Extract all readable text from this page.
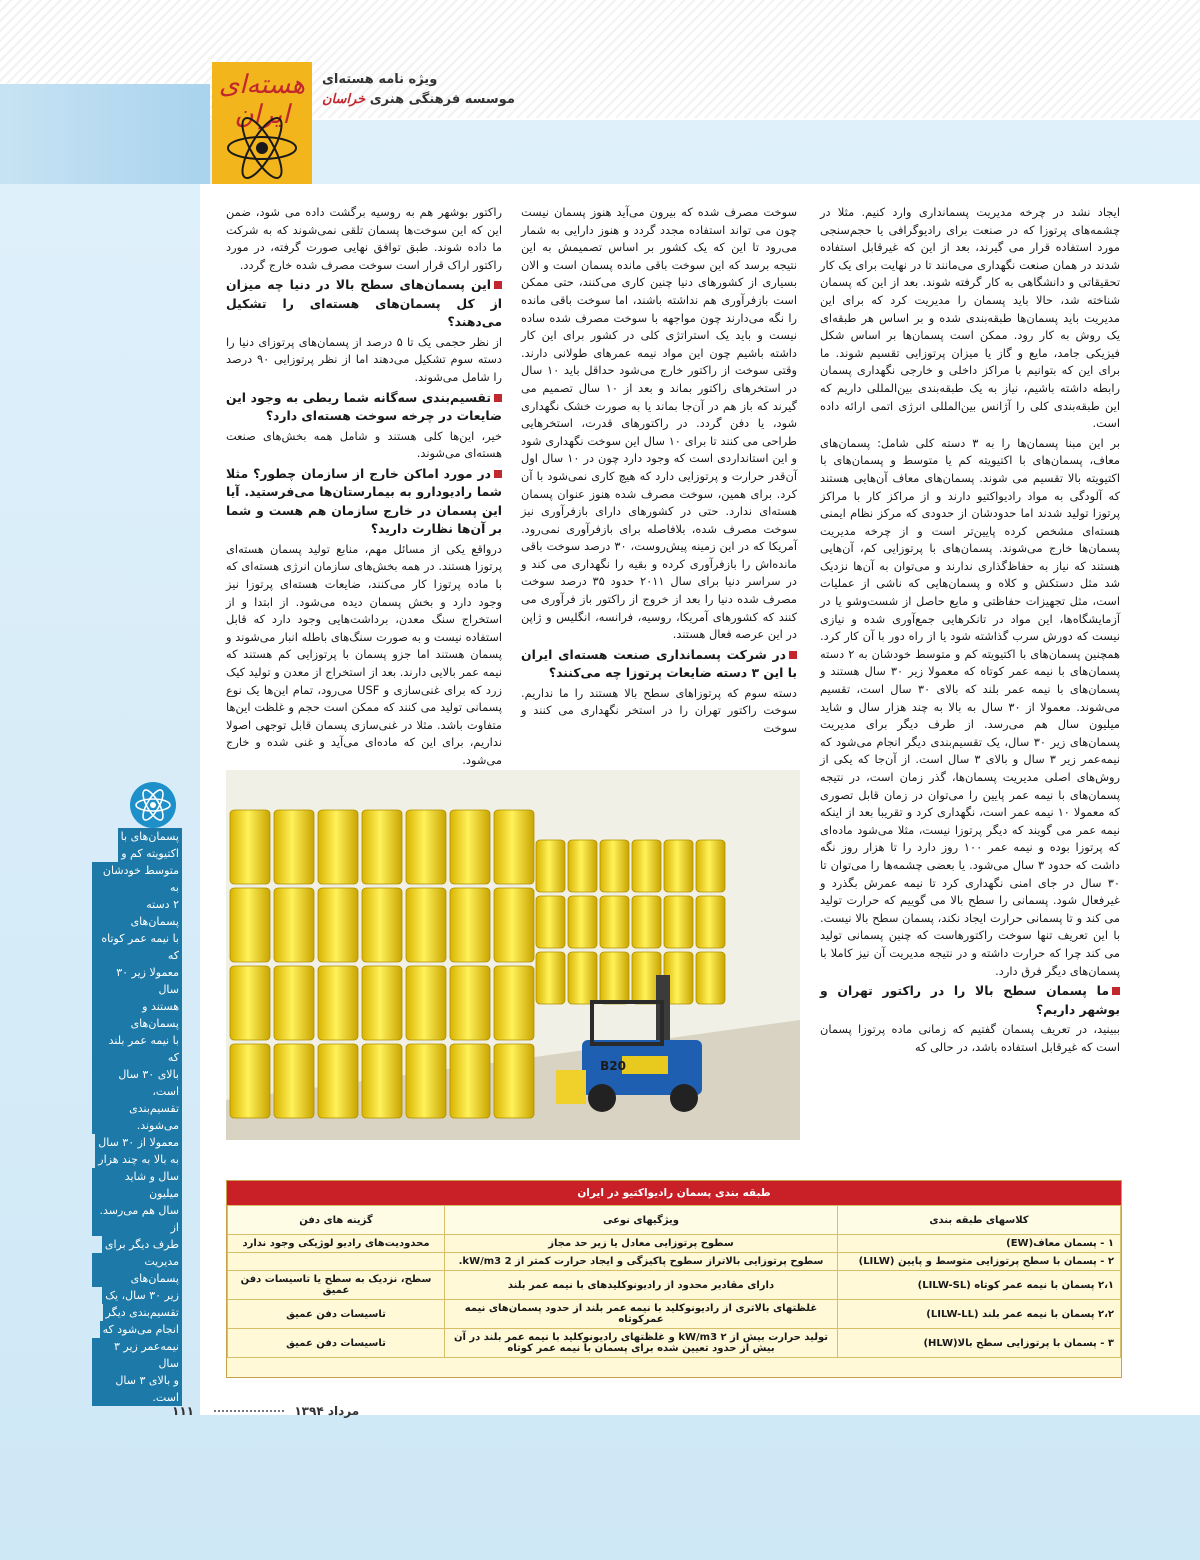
هسته‌ای ایران
ویژه نامه هسته‌ای
موسسه فرهنگی هنری خراسان

ایجاد نشد در چرخه مدیریت پسمانداری وارد کنیم. مثلا در چشمه‌های پرتوزا که در صنعت برای رادیوگرافی یا حجم‌سنجی مورد استفاده قرار می گیرند، بعد از این که غیرقابل استفاده شدند در همان صنعت نگهداری می‌مانند تا در نهایت برای یک کار تحقیقاتی و دانشگاهی به کار گرفته شوند. بعد از این که پسمان شناخته شد، حالا باید پسمان را مدیریت کرد که برای این مدیریت باید پسمان‌ها طبقه‌بندی شده و بر اساس هر طبقه‌ای یک روش به کار رود. ممکن است پسمان‌ها بر اساس شکل فیزیکی جامد، مایع و گاز یا میزان پرتوزایی تقسیم شوند. ما برای این که بتوانیم با مراکز داخلی و خارجی نگهداری پسمان رابطه داشته باشیم، نیاز به یک طبقه‌بندی بین‌المللی داریم که این طبقه‌بندی کلی را آژانس بین‌المللی انرژی اتمی ارائه داده است.

بر این مبنا پسمان‌ها را به ۳ دسته کلی شامل: پسمان‌های معاف، پسمان‌های با اکتیویته کم یا متوسط و پسمان‌های با اکتیویته بالا تقسیم می شوند. پسمان‌های معاف آن‌هایی هستند که آلودگی به مواد رادیواکتیو دارند و از مراکز کار با مراکز پرتوزا تولید شدند اما حدودشان از حدودی که مرکز نظام ایمنی هسته‌ای مشخص کرده پایین‌تر است و از چرخه مدیریت پسمان‌ها خارج می‌شوند. پسمان‌های با پرتوزایی کم، آن‌هایی هستند که نیاز به حفاظ‌گذاری ندارند و می‌توان به آن‌ها نزدیک شد مثل دستکش و کلاه و پسمان‌هایی که ناشی از عملیات است، مثل تجهیزات حفاظتی و مایع حاصل از شست‌وشو یا در آزمایشگاه‌ها، این مواد در تانکرهایی جمع‌آوری شده و نیازی نیست که دورش سرب گذاشته شود یا از راه دور با آن کار کرد. همچنین پسمان‌های با اکتیویته کم و متوسط خودشان به ۲ دسته پسمان‌های با نیمه عمر کوتاه که معمولا زیر ۳۰ سال هستند و پسمان‌های با نیمه عمر بلند که بالای ۳۰ سال است، تقسیم می‌شوند. معمولا از ۳۰ سال به بالا به چند هزار سال و شاید میلیون سال هم می‌رسد. از طرف دیگر برای مدیریت پسمان‌های زیر ۳۰ سال، یک تقسیم‌بندی دیگر انجام می‌شود که نیمه‌عمر زیر ۳ سال و بالای ۳ سال است. از آن‌جا که یکی از روش‌های اصلی مدیریت پسمان‌ها، گذر زمان است، در نتیجه پسمان‌های با نیمه عمر پایین را می‌توان در زمان قابل تصوری که معمولا ۱۰ نیمه عمر است، نگهداری کرد و تقریبا بعد از اینکه نیمه عمر می گویند که دیگر پرتوزا نیست، مثلا می‌شود ماده‌ای که پرتوزا بوده و نیمه عمر ۱۰۰ روز دارد را تا هزار روز نگه داشت که حدود ۳ سال می‌شود. یا بعضی چشمه‌ها را می‌توان تا ۳۰ سال در جای امنی نگهداری کرد تا نیمه عمرش بگذرد و غیرفعال شود. پسمانی را سطح بالا می گوییم که حرارت تولید می کند و تا پسمانی حرارت ایجاد نکند، پسمان سطح بالا نیست. با این تعریف تنها سوخت راکتورهاست که چنین پسمانی تولید می کند چرا که حرارت داشته و در نتیجه مدیریت آن نیز کاملا با پسمان‌های دیگر فرق دارد.

ما پسمان سطح بالا را در راکتور تهران و بوشهر داریم؟

ببینید، در تعریف پسمان گفتیم که زمانی ماده پرتوزا پسمان است که غیرقابل استفاده باشد، در حالی که

سوخت مصرف شده که بیرون می‌آید هنوز پسمان نیست چون می تواند استفاده مجدد گردد و هنوز دارایی به شمار می‌رود تا این که یک کشور بر اساس تصمیمش به این نتیجه برسد که این سوخت باقی مانده پسمان است و الان بسیاری از کشورهای دنیا چنین کاری می‌کنند، حتی ممکن است بازفرآوری هم نداشته باشند، اما سوخت باقی مانده را نگه می‌دارند چون مواجهه با سوخت مصرف شده ساده نیست و باید یک استراتژی کلی در کشور برای این کار داشته باشیم چون این مواد نیمه عمرهای طولانی دارند. وقتی سوخت از راکتور خارج می‌شود حداقل باید ۱۰ سال در استخرهای راکتور بماند و بعد از ۱۰ سال تصمیم می گیرند که باز هم در آن‌جا بماند یا به صورت خشک نگهداری شود، یا دفن گردد. در راکتورهای قدرت، استخرهایی طراحی می کنند تا برای ۱۰ سال این سوخت نگهداری شود و این استانداردی است که وجود دارد چون در ۱۰ سال اول آن‌قدر حرارت و پرتوزایی دارد که هیچ کاری نمی‌شود با آن کرد. برای همین، سوخت مصرف شده هنوز عنوان پسمان هسته‌ای ندارد. حتی در کشورهای دارای بازفرآوری نیز سوخت مصرف شده، بلافاصله برای بازفرآوری نمی‌رود. آمریکا که در این زمینه پیش‌روست، ۳۰ درصد سوخت باقی مانده‌اش را بازفرآوری کرده و بقیه را نگهداری می کند و در سراسر دنیا برای سال ۲۰۱۱ حدود ۳۵ درصد سوخت مصرف شده دنیا را بعد از خروج از راکتور باز فرآوری می کنند که کشورهای آمریکا، روسیه، فرانسه، انگلیس و ژاپن در این عرصه فعال هستند.

در شرکت پسمانداری صنعت هسته‌ای ایران با این ۳ دسته ضایعات پرتوزا چه می‌کنند؟

دسته سوم که پرتوزاهای سطح بالا هستند را ما نداریم. سوخت راکتور تهران را در استخر نگهداری می کنند و سوخت

راکتور بوشهر هم به روسیه برگشت داده می شود، ضمن این که این سوخت‌ها پسمان تلقی نمی‌شوند که به شرکت ما داده شوند. طبق توافق نهایی صورت گرفته، در مورد راکتور اراک قرار است سوخت مصرف شده خارج گردد.

این پسمان‌های سطح بالا در دنیا چه میزان از کل پسمان‌های هسته‌ای را تشکیل می‌دهند؟

از نظر حجمی یک تا ۵ درصد از پسمان‌های پرتوزای دنیا را دسته سوم تشکیل می‌دهند اما از نظر پرتوزایی ۹۰ درصد را شامل می‌شوند.

تقسیم‌بندی سه‌گانه شما ربطی به وجود این ضایعات در چرخه سوخت هسته‌ای دارد؟

خیر، این‌ها کلی هستند و شامل همه بخش‌های صنعت هسته‌ای می‌شوند.

در مورد اماکن خارج از سازمان چطور؟ مثلا شما رادیودارو به بیمارستان‌ها می‌فرستید. آیا این پسمان در خارج سازمان هم هست و شما بر آن‌ها نظارت دارید؟

درواقع یکی از مسائل مهم، منابع تولید پسمان هسته‌ای پرتوزا هستند. در همه بخش‌های سازمان انرژی هسته‌ای که با ماده پرتوزا کار می‌کنند، ضایعات هسته‌ای پرتوزا نیز وجود دارد و بخش پسمان دیده می‌شود. از ابتدا و از استخراج سنگ معدن، برداشت‌هایی وجود دارد که قابل استفاده نیست و به صورت سنگ‌های باطله انبار می‌شوند و پسمان هستند اما جزو پسمان با پرتوزایی کم هستند که نیمه عمر بالایی دارند. بعد از استخراج از معدن و تولید کیک زرد که برای غنی‌سازی و USF می‌رود، تمام این‌ها یک نوع پسمانی تولید می کنند که ممکن است حجم و غلظت این‌ها متفاوت باشد. مثلا در غنی‌سازی پسمان قابل توجهی اصولا نداریم، برای این که ماده‌ای می‌آید و غنی شده و خارج می‌شود.

B20
پسمان‌های با
اکتیویته کم و
متوسط خودشان به
۲ دسته پسمان‌های
با نیمه عمر کوتاه که
معمولا زیر ۳۰ سال
هستند و پسمان‌های
با نیمه عمر بلند که
بالای ۳۰ سال است،
تقسیم‌بندی می‌شوند.
معمولا از ۳۰ سال
به بالا به چند هزار
سال و شاید میلیون
سال هم می‌رسد. از
طرف دیگر برای
مدیریت پسمان‌های
زیر ۳۰ سال، یک
تقسیم‌بندی دیگر
انجام می‌شود که
نیمه‌عمر زیر ۳ سال
و بالای ۳ سال است.

طبقه بندی پسمان رادیواکتیو در ایران
کلاسهای طبقه بندی	ویژگیهای نوعی	گزینه های دفن
۱ - پسمان معاف(EW)	سطوح پرتوزایی معادل یا زیر حد مجاز	محدودیت‌های رادیو لوژیکی وجود ندارد
۲ - پسمان با سطح پرتوزایی متوسط و پایین (LILW)	سطوح پرتوزایی بالاتراز سطوح پاکیزگی و ایجاد حرارت کمتر از kW/m3 2.	
۲،۱ پسمان با نیمه عمر کوتاه (LILW-SL)	دارای مقادیر محدود از رادیونوکلیدهای با نیمه عمر بلند	سطح، نزدیک به سطح یا تاسیسات دفن عمیق
۲،۲ پسمان با نیمه عمر بلند (LILW-LL)	غلظتهای بالاتری از رادیونوکلید با نیمه عمر بلند از حدود پسمان‌های نیمه عمرکوتاه	تاسیسات دفن عمیق
۳ - پسمان با پرتوزایی سطح بالا(HLW)	تولید حرارت بیش از kW/m3 ۲ و غلظتهای رادیونوکلید با نیمه عمر بلند در آن بیش از حدود تعیین شده برای پسمان با نیمه عمر کوتاه	تاسیسات دفن عمیق
مرداد ۱۳۹۴  ۱۱۱
